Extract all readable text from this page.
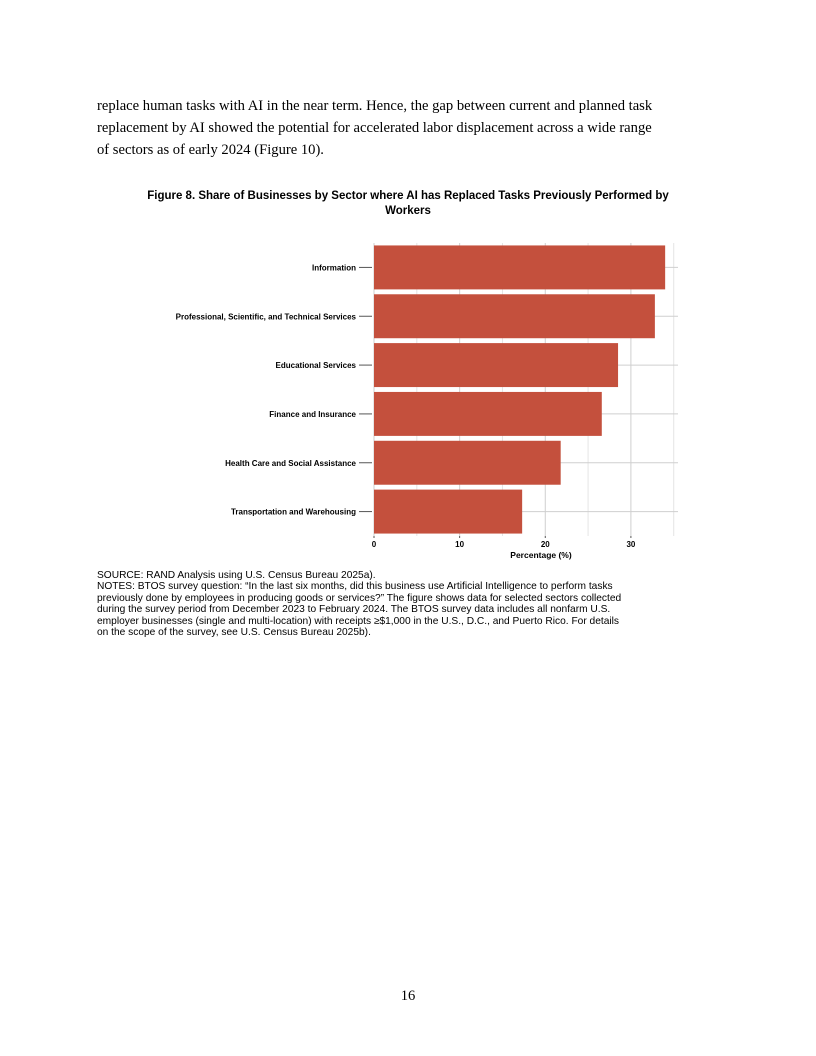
replace human tasks with AI in the near term. Hence, the gap between current and planned task
replacement by AI showed the potential for accelerated labor displacement across a wide range
of sectors as of early 2024 (Figure 10).

Figure 8. Share of Businesses by Sector where AI has Replaced Tasks Previously Performed by
Workers
Information
Professional, Scientific, and Technical Services
Educational Services
Finance and Insurance
Health Care and Social Assistance
Transportation and Warehousing
0	10	20	30
Percentage (%)
SOURCE: RAND Analysis using U.S. Census Bureau 2025a).
NOTES: BTOS survey question: “In the last six months, did this business use Artificial Intelligence to perform tasks
previously done by employees in producing goods or services?” The figure shows data for selected sectors collected
during the survey period from December 2023 to February 2024. The BTOS survey data includes all nonfarm U.S.
employer businesses (single and multi-location) with receipts ≥$1,000 in the U.S., D.C., and Puerto Rico. For details
on the scope of the survey, see U.S. Census Bureau 2025b).
16
